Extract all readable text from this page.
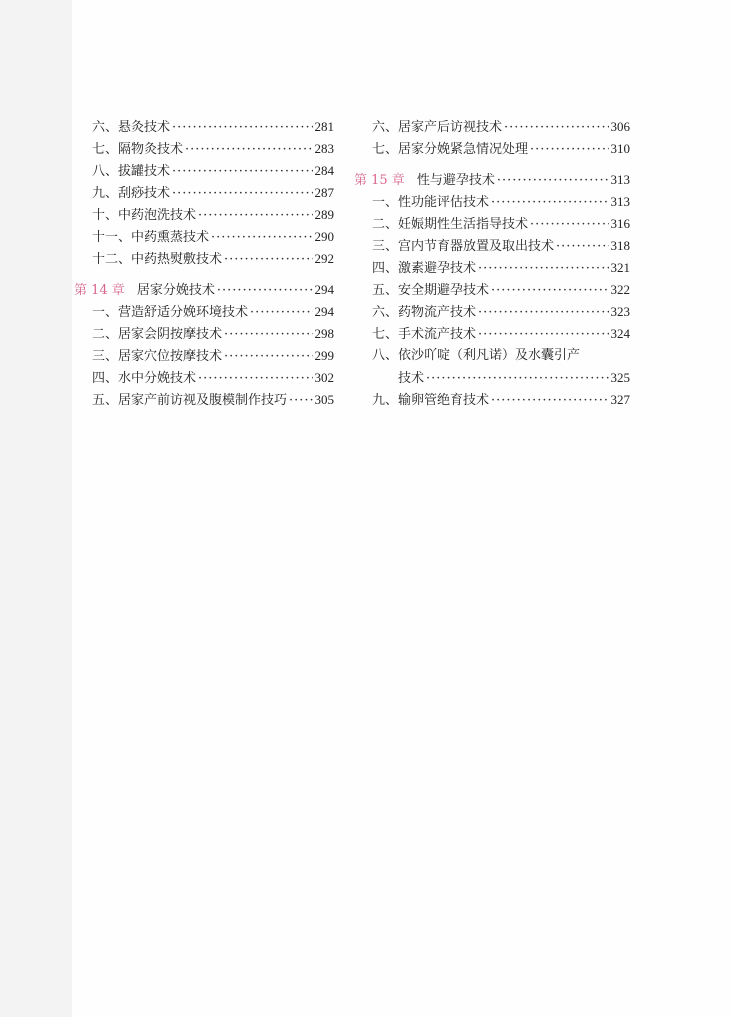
六、悬灸技术 ·····	281
七、隔物灸技术 ·····	283
八、拔罐技术 ·····	284
九、刮痧技术 ·····	287
十、中药泡洗技术 ·····	289
十一、中药熏蒸技术 ·····	290
十二、中药热熨敷技术 ·····	292
第 14 章 居家分娩技术 ·····	294
一、营造舒适分娩环境技术 ·····	294
二、居家会阴按摩技术 ·····	298
三、居家穴位按摩技术 ·····	299
四、水中分娩技术 ·····	302
五、居家产前访视及腹模制作技巧 ····· 305
六、居家产后访视技术 ·····	306
七、居家分娩紧急情况处理 ·····	310
第 15 章 性与避孕技术 ·····	313
一、性功能评估技术 ·····	313
二、妊娠期性生活指导技术 ·····	316
三、宫内节育器放置及取出技术 ·····	318
四、激素避孕技术 ·····	321
五、安全期避孕技术 ·····	322
六、药物流产技术 ·····	323
七、手术流产技术 ·····	324
八、依沙吖啶（利凡诺）及水囊引产
技术 ·····	325
九、输卵管绝育技术 ·····	327
